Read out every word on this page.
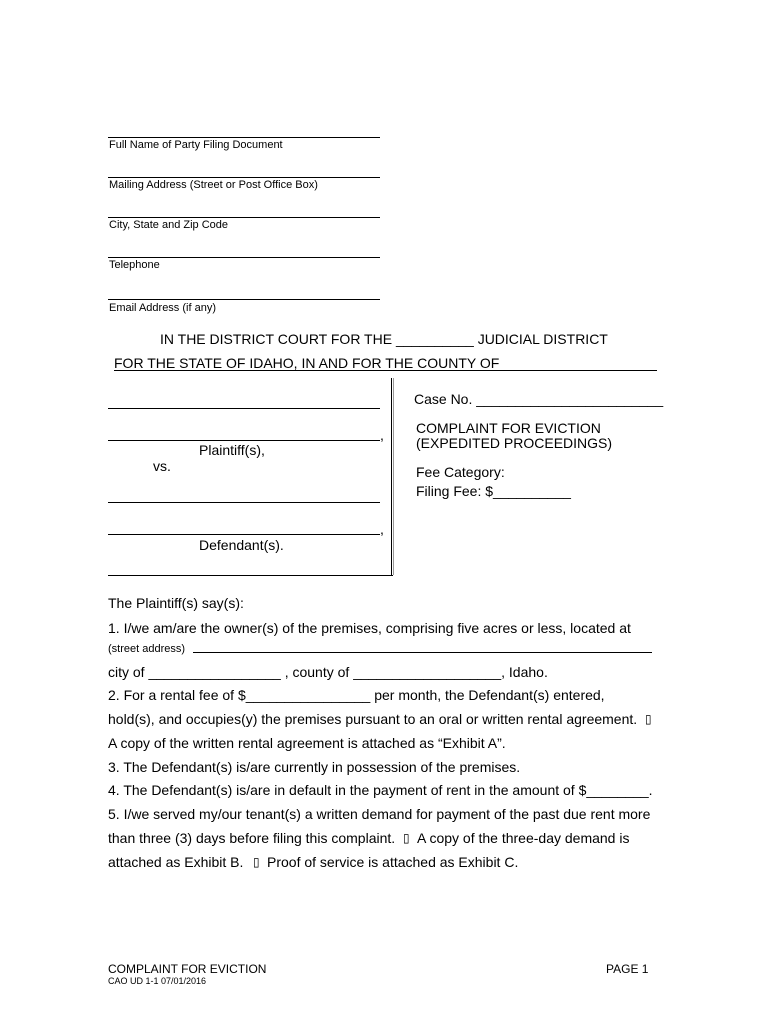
Full Name of Party Filing Document
Mailing Address (Street or Post Office Box)
City, State and Zip Code
Telephone
Email Address (if any)
IN THE DISTRICT COURT FOR THE __________ JUDICIAL DISTRICT
FOR THE STATE OF IDAHO, IN AND FOR THE COUNTY OF
,
Plaintiff(s),
vs.
,
Defendant(s).
Case No. ________________________
COMPLAINT FOR EVICTION
(EXPEDITED PROCEEDINGS)
Fee Category:
Filing Fee: $__________
The Plaintiff(s) say(s):
1. I/we am/are the owner(s) of the premises, comprising five acres or less, located at
(street address)
city of _________________ , county of ___________________, Idaho.
2. For a rental fee of $________________ per month, the Defendant(s) entered,
hold(s), and occupies(y) the premises pursuant to an oral or written rental agreement. ▯
A copy of the written rental agreement is attached as “Exhibit A”.
3. The Defendant(s) is/are currently in possession of the premises.
4. The Defendant(s) is/are in default in the payment of rent in the amount of $________.
5. I/we served my/our tenant(s) a written demand for payment of the past due rent more
than three (3) days before filing this complaint. ▯ A copy of the three-day demand is
attached as Exhibit B. ▯ Proof of service is attached as Exhibit C.
COMPLAINT FOR EVICTION
CAO UD 1-1 07/01/2016
PAGE 1
